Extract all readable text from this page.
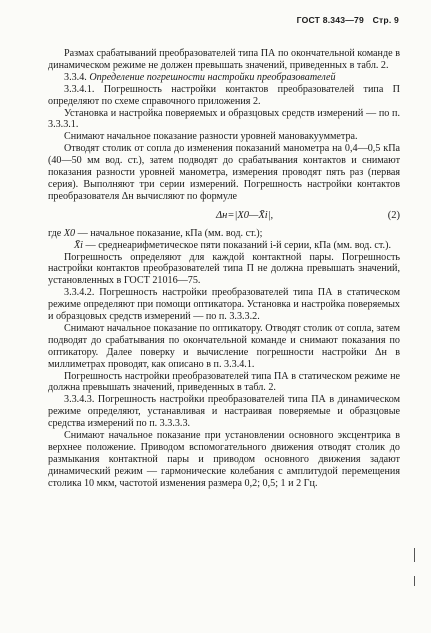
ГОСТ 8.343—79 Стр. 9

Размах срабатываний преобразователей типа ПА по окончательной команде в динамическом режиме не должен превышать значений, приведенных в табл. 2.

3.3.4. Определение погрешности настройки преобразователей

3.3.4.1. Погрешность настройки контактов преобразователей типа П определяют по схеме справочного приложения 2.

Установка и настройка поверяемых и образцовых средств измерений — по п. 3.3.3.1.

Снимают начальное показание разности уровней мановакуумметра.

Отводят столик от сопла до изменения показаний манометра на 0,4—0,5 кПа (40—50 мм вод. ст.), затем подводят до срабатывания контактов и снимают показания разности уровней манометра, измерения проводят пять раз (первая серия). Выполняют три серии измерений. Погрешность настройки контактов преобразователя Δн вычисляют по формуле

Δн=|X0—X̄i|,	(2)
где X0 — начальное показание, кПа (мм. вод. ст.);
X̄i — среднеарифметическое пяти показаний i-й серии, кПа (мм. вод. ст.).

Погрешность определяют для каждой контактной пары. Погрешность настройки контактов преобразователей типа П не должна превышать значений, установленных в ГОСТ 21016—75.

3.3.4.2. Погрешность настройки преобразователей типа ПА в статическом режиме определяют при помощи оптикатора. Установка и настройка поверяемых и образцовых средств измерений — по п. 3.3.3.2.

Снимают начальное показание по оптикатору. Отводят столик от сопла, затем подводят до срабатывания по окончательной команде и снимают показания по оптикатору. Далее поверку и вычисление погрешности настройки Δн в миллиметрах проводят, как описано в п. 3.3.4.1.

Погрешность настройки преобразователей типа ПА в статическом режиме не должна превышать значений, приведенных в табл. 2.

3.3.4.3. Погрешность настройки преобразователей типа ПА в динамическом режиме определяют, устанавливая и настраивая поверяемые и образцовые средства измерений по п. 3.3.3.3.

Снимают начальное показание при установлении основного эксцентрика в верхнее положение. Приводом вспомогательного движения отводят столик до размыкания контактной пары и приводом основного движения задают динамический режим — гармонические колебания с амплитудой перемещения столика 10 мкм, частотой изменения размера 0,2; 0,5; 1 и 2 Гц.
